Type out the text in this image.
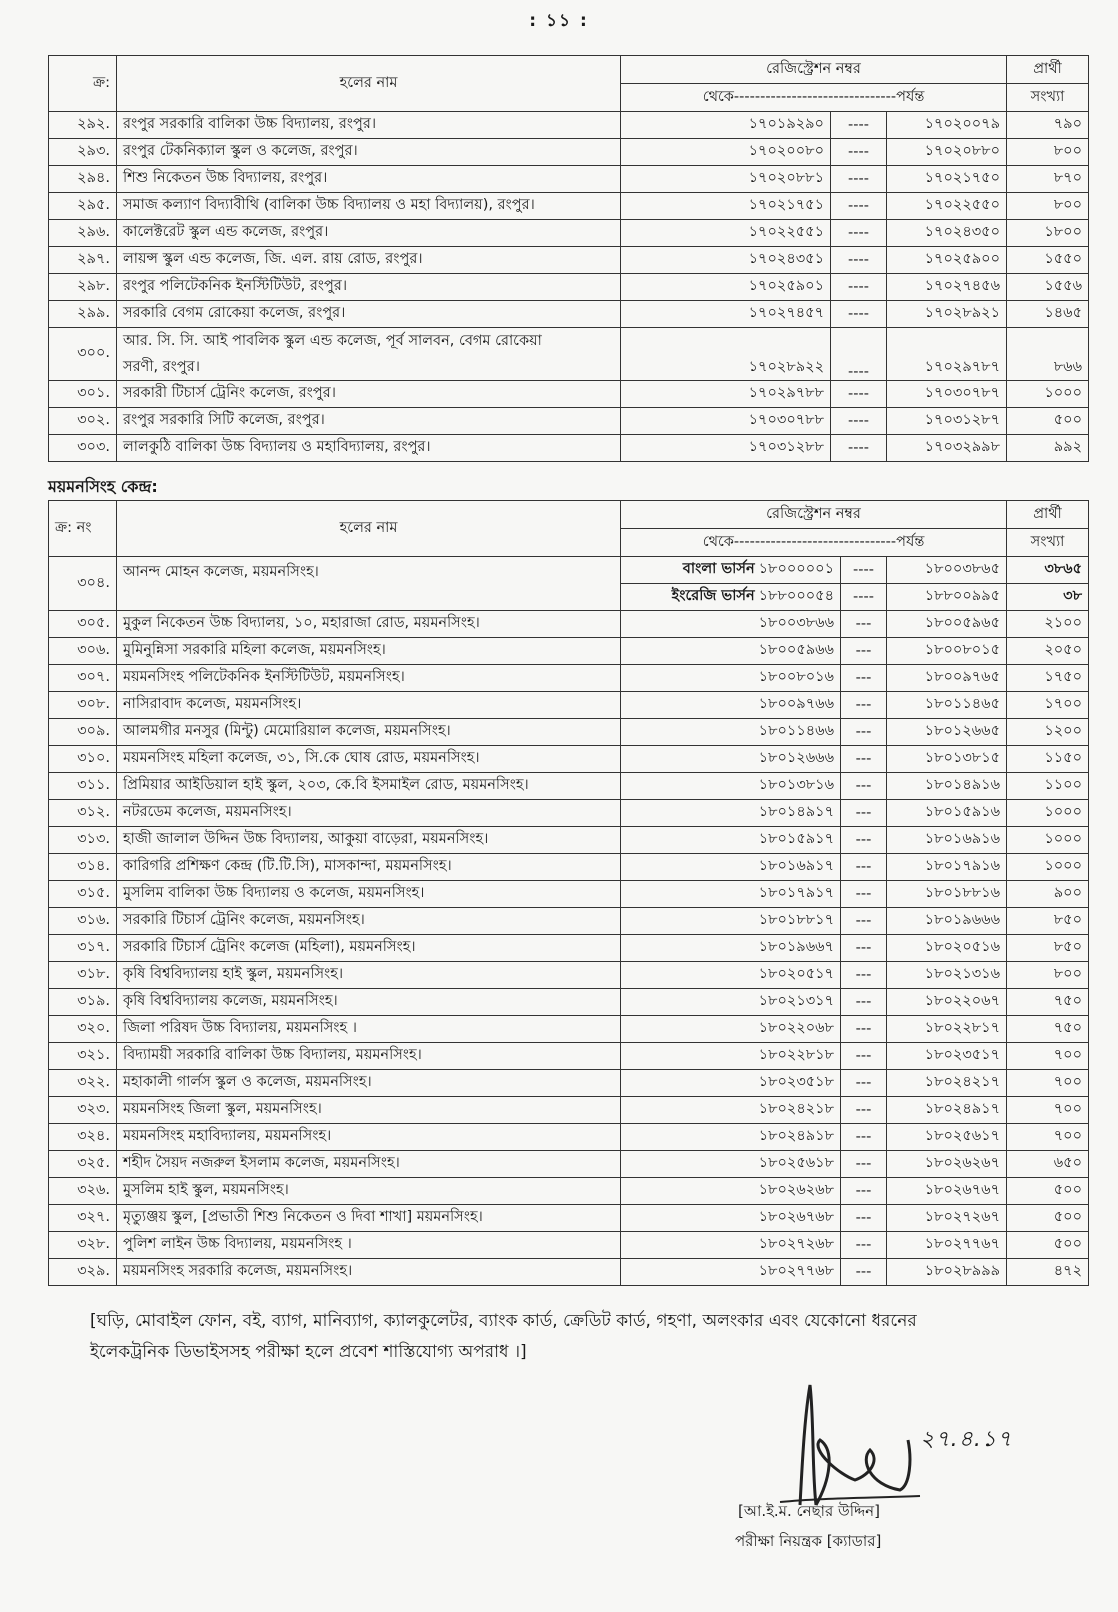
: ১১ :
ক্র:	হলের নাম	রেজিস্ট্রেশন নম্বর			প্রার্থী
		থেকে-------------------------------পর্যন্ত			সংখ্যা
২৯২.	রংপুর সরকারি বালিকা উচ্চ বিদ্যালয়, রংপুর।	১৭০১৯২৯০	----	১৭০২০০৭৯	৭৯০
২৯৩.	রংপুর টেকনিক্যাল স্কুল ও কলেজ, রংপুর।	১৭০২০০৮০	----	১৭০২০৮৮০	৮০০
২৯৪.	শিশু নিকেতন উচ্চ বিদ্যালয়, রংপুর।	১৭০২০৮৮১	----	১৭০২১৭৫০	৮৭০
২৯৫.	সমাজ কল্যাণ বিদ্যাবীথি (বালিকা উচ্চ বিদ্যালয় ও মহা বিদ্যালয়), রংপুর।	১৭০২১৭৫১	----	১৭০২২৫৫০	৮০০
২৯৬.	কালেক্টরেট স্কুল এন্ড কলেজ, রংপুর।	১৭০২২৫৫১	----	১৭০২৪৩৫০	১৮০০
২৯৭.	লায়ন্স স্কুল এন্ড কলেজ, জি. এল. রায় রোড, রংপুর।	১৭০২৪৩৫১	----	১৭০২৫৯০০	১৫৫০
২৯৮.	রংপুর পলিটেকনিক ইনস্টিটিউট, রংপুর।	১৭০২৫৯০১	----	১৭০২৭৪৫৬	১৫৫৬
২৯৯.	সরকারি বেগম রোকেয়া কলেজ, রংপুর।	১৭০২৭৪৫৭	----	১৭০২৮৯২১	১৪৬৫
৩০০.	আর. সি. সি. আই পাবলিক স্কুল এন্ড কলেজ, পূর্ব সালবন, বেগম রোকেয়া
সরণী, রংপুর।	১৭০২৮৯২২	----	১৭০২৯৭৮৭	৮৬৬
৩০১.	সরকারী টিচার্স ট্রেনিং কলেজ, রংপুর।	১৭০২৯৭৮৮	----	১৭০৩০৭৮৭	১০০০
৩০২.	রংপুর সরকারি সিটি কলেজ, রংপুর।	১৭০৩০৭৮৮	----	১৭০৩১২৮৭	৫০০
৩০৩.	লালকুঠি বালিকা উচ্চ বিদ্যালয় ও মহাবিদ্যালয়, রংপুর।	১৭০৩১২৮৮	----	১৭০৩২৯৯৮	৯৯২
ময়মনসিংহ কেন্দ্র:
ক্র: নং	হলের নাম	রেজিস্ট্রেশন নম্বর			প্রার্থী
		থেকে-------------------------------পর্যন্ত			সংখ্যা
৩০৪.	আনন্দ মোহন কলেজ, ময়মনসিংহ।	বাংলা ভার্সন ১৮০০০০০১	----	১৮০০৩৮৬৫	৩৮৬৫
		ইংরেজি ভার্সন ১৮৮০০০৫৪	----	১৮৮০০৯৯৫	৩৮
৩০৫.	মুকুল নিকেতন উচ্চ বিদ্যালয়, ১০, মহারাজা রোড, ময়মনসিংহ।	১৮০০৩৮৬৬	---	১৮০০৫৯৬৫	২১০০
৩০৬.	মুমিনুন্নিসা সরকারি মহিলা কলেজ, ময়মনসিংহ।	১৮০০৫৯৬৬	---	১৮০০৮০১৫	২০৫০
৩০৭.	ময়মনসিংহ পলিটেকনিক ইনস্টিটিউট, ময়মনসিংহ।	১৮০০৮০১৬	---	১৮০০৯৭৬৫	১৭৫০
৩০৮.	নাসিরাবাদ কলেজ, ময়মনসিংহ।	১৮০০৯৭৬৬	---	১৮০১১৪৬৫	১৭০০
৩০৯.	আলমগীর মনসুর (মিন্টু) মেমোরিয়াল কলেজ, ময়মনসিংহ।	১৮০১১৪৬৬	---	১৮০১২৬৬৫	১২০০
৩১০.	ময়মনসিংহ মহিলা কলেজ, ৩১, সি.কে ঘোষ রোড, ময়মনসিংহ।	১৮০১২৬৬৬	---	১৮০১৩৮১৫	১১৫০
৩১১.	প্রিমিয়ার আইডিয়াল হাই স্কুল, ২০৩, কে.বি ইসমাইল রোড, ময়মনসিংহ।	১৮০১৩৮১৬	---	১৮০১৪৯১৬	১১০০
৩১২.	নটরডেম কলেজ, ময়মনসিংহ।	১৮০১৪৯১৭	---	১৮০১৫৯১৬	১০০০
৩১৩.	হাজী জালাল উদ্দিন উচ্চ বিদ্যালয়, আকুয়া বাড়েরা, ময়মনসিংহ।	১৮০১৫৯১৭	---	১৮০১৬৯১৬	১০০০
৩১৪.	কারিগরি প্রশিক্ষণ কেন্দ্র (টি.টি.সি), মাসকান্দা, ময়মনসিংহ।	১৮০১৬৯১৭	---	১৮০১৭৯১৬	১০০০
৩১৫.	মুসলিম বালিকা উচ্চ বিদ্যালয় ও কলেজ, ময়মনসিংহ।	১৮০১৭৯১৭	---	১৮০১৮৮১৬	৯০০
৩১৬.	সরকারি টিচার্স ট্রেনিং কলেজ, ময়মনসিংহ।	১৮০১৮৮১৭	---	১৮০১৯৬৬৬	৮৫০
৩১৭.	সরকারি টিচার্স ট্রেনিং কলেজ (মহিলা), ময়মনসিংহ।	১৮০১৯৬৬৭	---	১৮০২০৫১৬	৮৫০
৩১৮.	কৃষি বিশ্ববিদ্যালয় হাই স্কুল, ময়মনসিংহ।	১৮০২০৫১৭	---	১৮০২১৩১৬	৮০০
৩১৯.	কৃষি বিশ্ববিদ্যালয় কলেজ, ময়মনসিংহ।	১৮০২১৩১৭	---	১৮০২২০৬৭	৭৫০
৩২০.	জিলা পরিষদ উচ্চ বিদ্যালয়, ময়মনসিংহ ।	১৮০২২০৬৮	---	১৮০২২৮১৭	৭৫০
৩২১.	বিদ্যাময়ী সরকারি বালিকা উচ্চ বিদ্যালয়, ময়মনসিংহ।	১৮০২২৮১৮	---	১৮০২৩৫১৭	৭০০
৩২২.	মহাকালী গার্লস স্কুল ও কলেজ, ময়মনসিংহ।	১৮০২৩৫১৮	---	১৮০২৪২১৭	৭০০
৩২৩.	ময়মনসিংহ জিলা স্কুল, ময়মনসিংহ।	১৮০২৪২১৮	---	১৮০২৪৯১৭	৭০০
৩২৪.	ময়মনসিংহ মহাবিদ্যালয়, ময়মনসিংহ।	১৮০২৪৯১৮	---	১৮০২৫৬১৭	৭০০
৩২৫.	শহীদ সৈয়দ নজরুল ইসলাম কলেজ, ময়মনসিংহ।	১৮০২৫৬১৮	---	১৮০২৬২৬৭	৬৫০
৩২৬.	মুসলিম হাই স্কুল, ময়মনসিংহ।	১৮০২৬২৬৮	---	১৮০২৬৭৬৭	৫০০
৩২৭.	মৃত্যুঞ্জয় স্কুল, [প্রভাতী শিশু নিকেতন ও দিবা শাখা] ময়মনসিংহ।	১৮০২৬৭৬৮	---	১৮০২৭২৬৭	৫০০
৩২৮.	পুলিশ লাইন উচ্চ বিদ্যালয়, ময়মনসিংহ ।	১৮০২৭২৬৮	---	১৮০২৭৭৬৭	৫০০
৩২৯.	ময়মনসিংহ সরকারি কলেজ, ময়মনসিংহ।	১৮০২৭৭৬৮	---	১৮০২৮৯৯৯	৪৭২
[ঘড়ি, মোবাইল ফোন, বই, ব্যাগ, মানিব্যাগ, ক্যালকুলেটর, ব্যাংক কার্ড, ক্রেডিট কার্ড, গহণা, অলংকার এবং যেকোনো ধরনের
ইলেকট্রনিক ডিভাইসসহ পরীক্ষা হলে প্রবেশ শাস্তিযোগ্য অপরাধ ।]
২৭.৪.১৭
[আ.ই.ম. নেছার উদ্দিন]
পরীক্ষা নিয়ন্ত্রক [ক্যাডার]
